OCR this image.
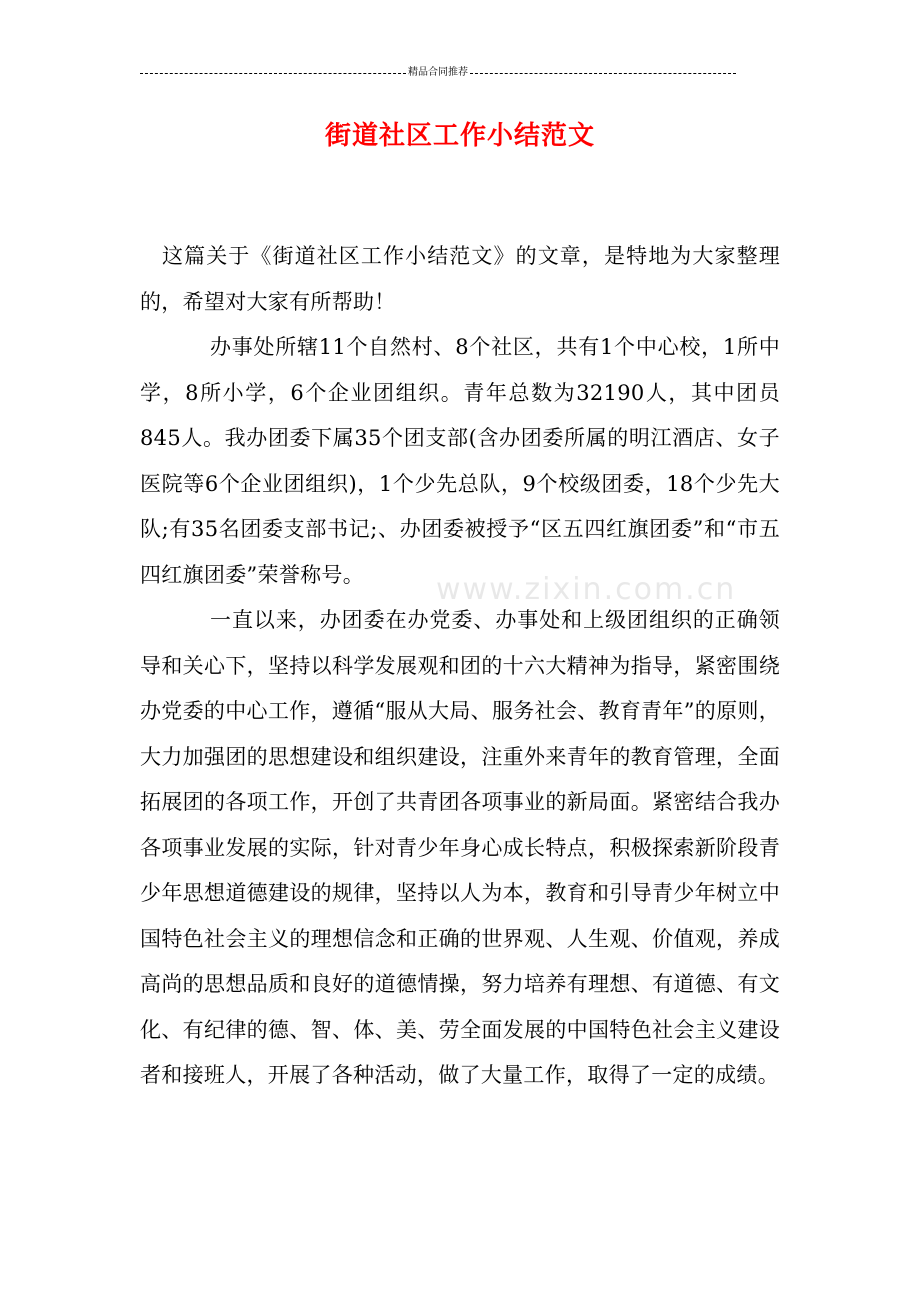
精品合同推荐
街道社区工作小结范文

这篇关于《街道社区工作小结范文》的文章，是特地为大家整理的，希望对大家有所帮助！

办事处所辖11个自然村、8个社区，共有1个中心校，1所中学，8所小学，6个企业团组织。青年总数为32190人，其中团员845人。我办团委下属35个团支部(含办团委所属的明江酒店、女子医院等6个企业团组织)，1个少先总队，9个校级团委，18个少先大队;有35名团委支部书记;、办团委被授予“区五四红旗团委”和“市五四红旗团委”荣誉称号。

一直以来，办团委在办党委、办事处和上级团组织的正确领导和关心下，坚持以科学发展观和团的十六大精神为指导，紧密围绕办党委的中心工作，遵循“服从大局、服务社会、教育青年”的原则，大力加强团的思想建设和组织建设，注重外来青年的教育管理，全面拓展团的各项工作，开创了共青团各项事业的新局面。紧密结合我办各项事业发展的实际，针对青少年身心成长特点，积极探索新阶段青少年思想道德建设的规律，坚持以人为本，教育和引导青少年树立中国特色社会主义的理想信念和正确的世界观、人生观、价值观，养成高尚的思想品质和良好的道德情操，努力培养有理想、有道德、有文化、有纪律的德、智、体、美、劳全面发展的中国特色社会主义建设者和接班人，开展了各种活动，做了大量工作，取得了一定的成绩。

www.zixin.com.cn
